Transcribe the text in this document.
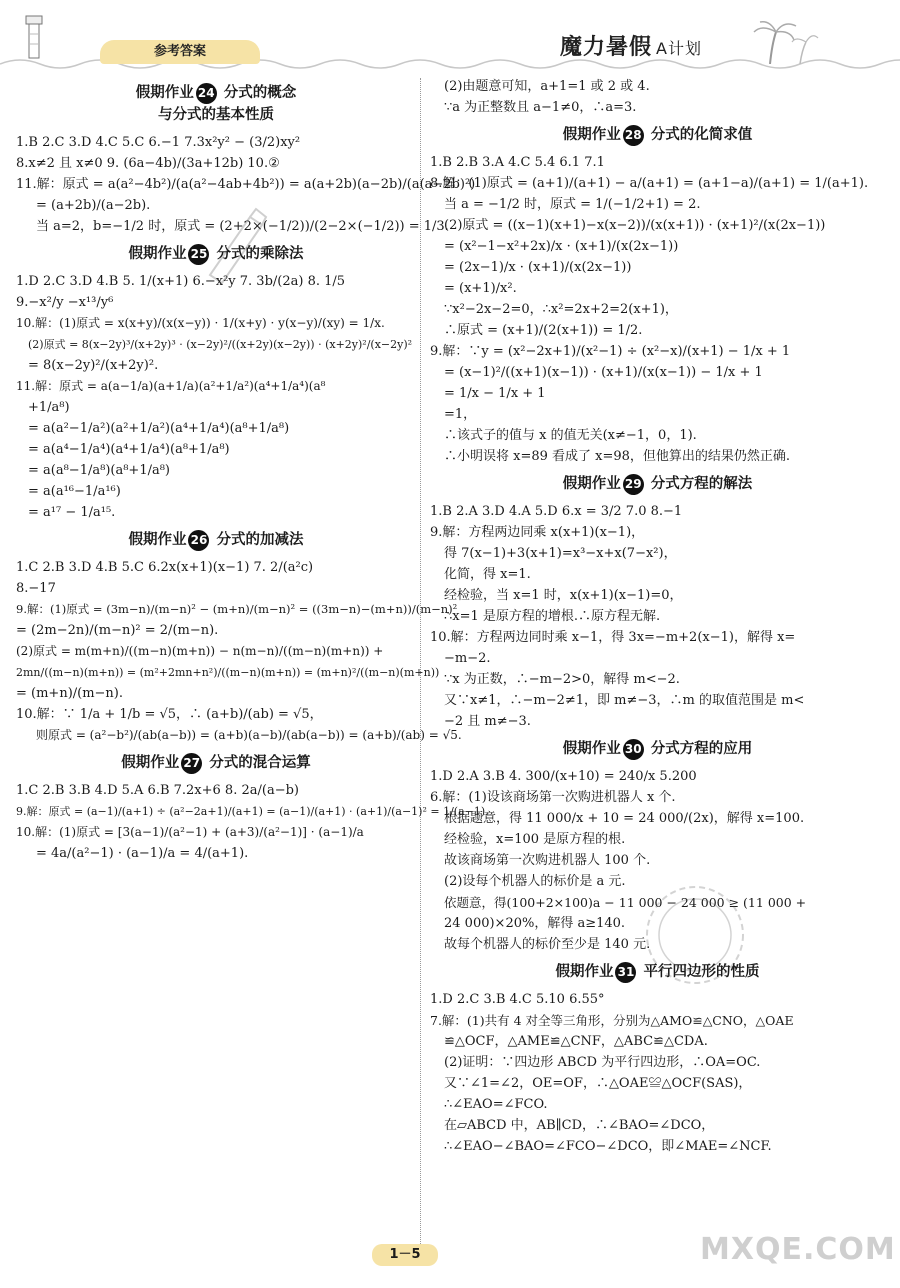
参考答案	魔力暑假 A计划
假期作业 24 分式的概念
与分式的基本性质
1.B 2.C 3.D 4.C 5.C 6.−1 7.3x²y² − (3/2)xy²
8.x≠2 且 x≠0 9. (6a−4b)/(3a+12b) 10.②
11.解：原式 = a(a²−4b²)/(a(a²−4ab+4b²)) = a(a+2b)(a−2b)/(a(a−2b)²)
= (a+2b)/(a−2b).
当 a=2，b=−1/2 时，原式 = (2+2×(−1/2))/(2−2×(−1/2)) = 1/3.
假期作业 25 分式的乘除法
1.D 2.C 3.D 4.B 5. 1/(x+1) 6.−x²y 7. 3b/(2a) 8. 1/5
9.−x²/y −x¹³/y⁶
10.解：(1)原式 = x(x+y)/(x(x−y)) · 1/(x+y) · y(x−y)/(xy) = 1/x.
(2)原式 = 8(x−2y)³/(x+2y)³ · (x−2y)²/((x+2y)(x−2y)) · (x+2y)²/(x−2y)²
= 8(x−2y)²/(x+2y)².
11.解：原式 = a(a−1/a)(a+1/a)(a²+1/a²)(a⁴+1/a⁴)(a⁸
+1/a⁸)
= a(a²−1/a²)(a²+1/a²)(a⁴+1/a⁴)(a⁸+1/a⁸)
= a(a⁴−1/a⁴)(a⁴+1/a⁴)(a⁸+1/a⁸)
= a(a⁸−1/a⁸)(a⁸+1/a⁸)
= a(a¹⁶−1/a¹⁶)
= a¹⁷ − 1/a¹⁵.
假期作业 26 分式的加减法
1.C 2.B 3.D 4.B 5.C 6.2x(x+1)(x−1) 7. 2/(a²c)
8.−17
9.解：(1)原式 = (3m−n)/(m−n)² − (m+n)/(m−n)² = ((3m−n)−(m+n))/(m−n)²
= (2m−2n)/(m−n)² = 2/(m−n).
(2)原式 = m(m+n)/((m−n)(m+n)) − n(m−n)/((m−n)(m+n)) +
2mn/((m−n)(m+n)) = (m²+2mn+n²)/((m−n)(m+n)) = (m+n)²/((m−n)(m+n))
= (m+n)/(m−n).
10.解：∵ 1/a + 1/b = √5，∴ (a+b)/(ab) = √5，
则原式 = (a²−b²)/(ab(a−b)) = (a+b)(a−b)/(ab(a−b)) = (a+b)/(ab) = √5.
假期作业 27 分式的混合运算
1.C 2.B 3.B 4.D 5.A 6.B 7.2x+6 8. 2a/(a−b)
9.解：原式 = (a−1)/(a+1) ÷ (a²−2a+1)/(a+1) = (a−1)/(a+1) · (a+1)/(a−1)² = 1/(a−1).
10.解：(1)原式 = [3(a−1)/(a²−1) + (a+3)/(a²−1)] · (a−1)/a
= 4a/(a²−1) · (a−1)/a = 4/(a+1).
(2)由题意可知，a+1=1 或 2 或 4.
∵a 为正整数且 a−1≠0，∴a=3.
假期作业 28 分式的化简求值
1.B 2.B 3.A 4.C 5.4 6.1 7.1
8.解：(1)原式 = (a+1)/(a+1) − a/(a+1) = (a+1−a)/(a+1) = 1/(a+1).
当 a = −1/2 时，原式 = 1/(−1/2+1) = 2.
(2)原式 = ((x−1)(x+1)−x(x−2))/(x(x+1)) · (x+1)²/(x(2x−1))
= (x²−1−x²+2x)/x · (x+1)/(x(2x−1))
= (2x−1)/x · (x+1)/(x(2x−1))
= (x+1)/x².
∵x²−2x−2=0，∴x²=2x+2=2(x+1)，
∴原式 = (x+1)/(2(x+1)) = 1/2.
9.解：∵y = (x²−2x+1)/(x²−1) ÷ (x²−x)/(x+1) − 1/x + 1
= (x−1)²/((x+1)(x−1)) · (x+1)/(x(x−1)) − 1/x + 1
= 1/x − 1/x + 1
=1，
∴该式子的值与 x 的值无关(x≠−1，0，1).
∴小明误将 x=89 看成了 x=98，但他算出的结果仍然正确.
假期作业 29 分式方程的解法
1.B 2.A 3.D 4.A 5.D 6.x = 3/2 7.0 8.−1
9.解：方程两边同乘 x(x+1)(x−1)，
得 7(x−1)+3(x+1)=x³−x+x(7−x²)，
化简，得 x=1.
经检验，当 x=1 时，x(x+1)(x−1)=0，
∴x=1 是原方程的增根.∴原方程无解.
10.解：方程两边同时乘 x−1，得 3x=−m+2(x−1)，解得 x=
−m−2.
∵x 为正数，∴−m−2>0，解得 m<−2.
又∵x≠1，∴−m−2≠1，即 m≠−3，∴m 的取值范围是 m<
−2 且 m≠−3.
假期作业 30 分式方程的应用
1.D 2.A 3.B 4. 300/(x+10) = 240/x 5.200
6.解：(1)设该商场第一次购进机器人 x 个.
根据题意，得 11 000/x + 10 = 24 000/(2x)，解得 x=100.
经检验，x=100 是原方程的根.
故该商场第一次购进机器人 100 个.
(2)设每个机器人的标价是 a 元.
依题意，得(100+2×100)a − 11 000 − 24 000 ≥ (11 000 +
24 000)×20%，解得 a≥140.
故每个机器人的标价至少是 140 元.
假期作业 31 平行四边形的性质
1.D 2.C 3.B 4.C 5.10 6.55°
7.解：(1)共有 4 对全等三角形，分别为△AMO≌△CNO，△OAE
≌△OCF，△AME≌△CNF，△ABC≌△CDA.
(2)证明：∵四边形 ABCD 为平行四边形，∴OA=OC.
又∵∠1=∠2，OE=OF，∴△OAE≌△OCF(SAS)，
∴∠EAO=∠FCO.
在▱ABCD 中，AB∥CD，∴∠BAO=∠DCO，
∴∠EAO−∠BAO=∠FCO−∠DCO，即∠MAE=∠NCF.
1－5	MXQE.COM
